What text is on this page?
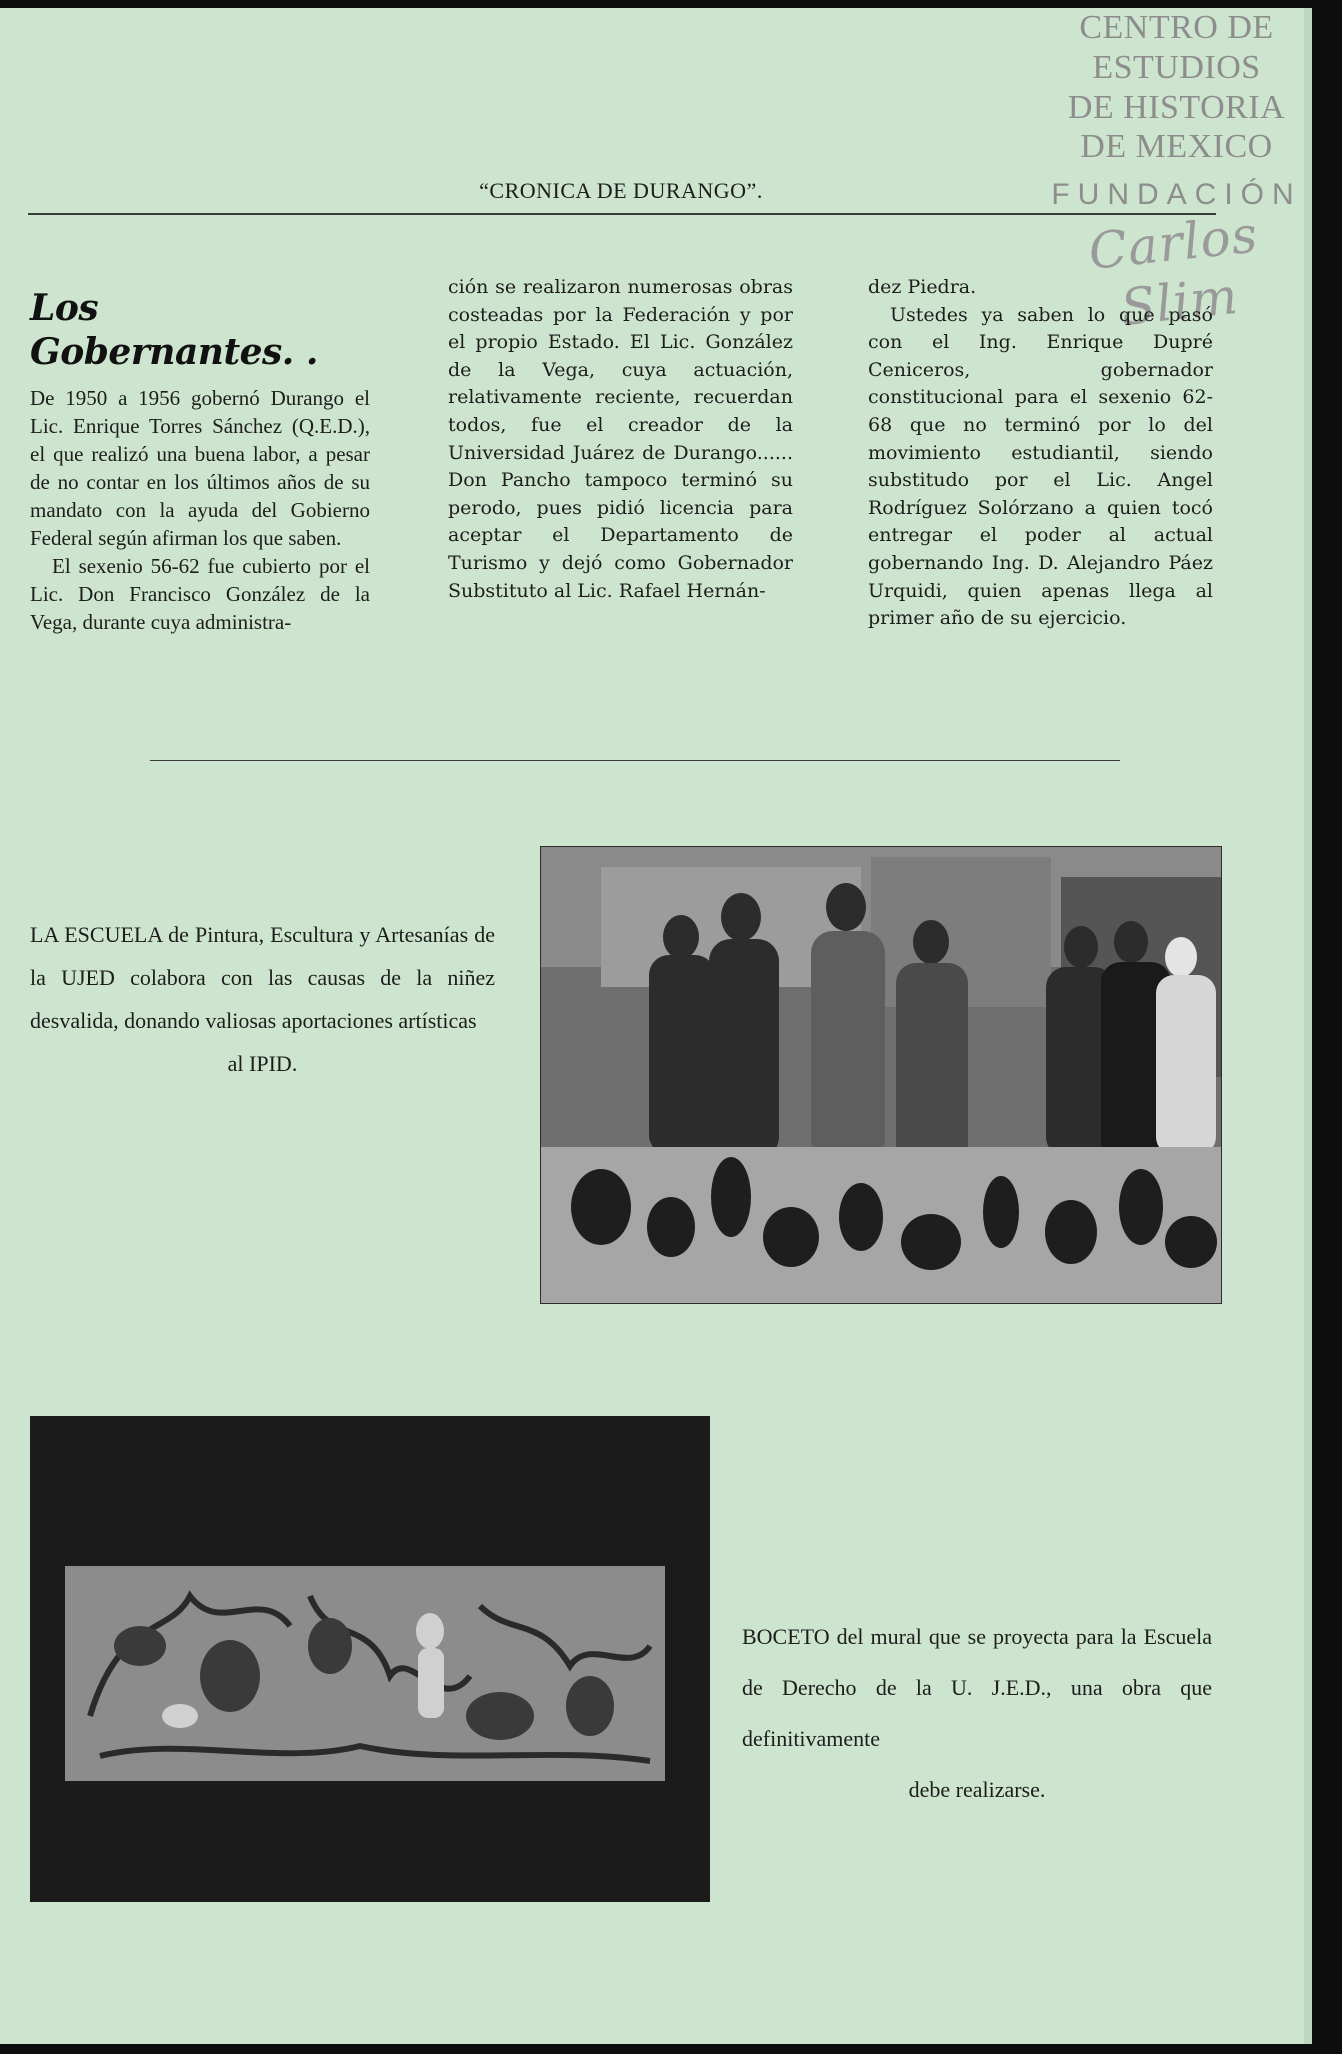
CENTRO DE
ESTUDIOS
DE HISTORIA
DE MEXICO
FUNDACIÓN
Carlos Slim
“CRONICA DE DURANGO”.
Los Gobernantes. .

De 1950 a 1956 gobernó Durango el Lic. Enrique Torres Sánchez (Q.E.D.), el que realizó una buena labor, a pesar de no contar en los últimos años de su mandato con la ayuda del Gobierno Federal según afirman los que saben.

El sexenio 56-62 fue cubierto por el Lic. Don Francisco González de la Vega, durante cuya administra-

ción se realizaron numerosas obras costeadas por la Federación y por el propio Estado. El Lic. González de la Vega, cuya actuación, relativamente reciente, recuerdan todos, fue el creador de la Universidad Juárez de Durango...... Don Pancho tampoco terminó su perodo, pues pidió licencia para aceptar el Departamento de Turismo y dejó como Gobernador Substituto al Lic. Rafael Hernán-

dez Piedra.

Ustedes ya saben lo que pasó con el Ing. Enrique Dupré Ceniceros, gobernador constitucional para el sexenio 62-68 que no terminó por lo del movimiento estudiantil, siendo substitudo por el Lic. Angel Rodríguez Solórzano a quien tocó entregar el poder al actual gobernando Ing. D. Alejandro Páez Urquidi, quien apenas llega al primer año de su ejercicio.

LA ESCUELA de Pintura, Escultura y Artesanías de la UJED colabora con las causas de la niñez desvalida, donando valiosas aportaciones artísticas
al IPID.
BOCETO del mural que se proyecta para la Escuela de Derecho de la U. J.E.D., una obra que definitivamente
debe realizarse.
